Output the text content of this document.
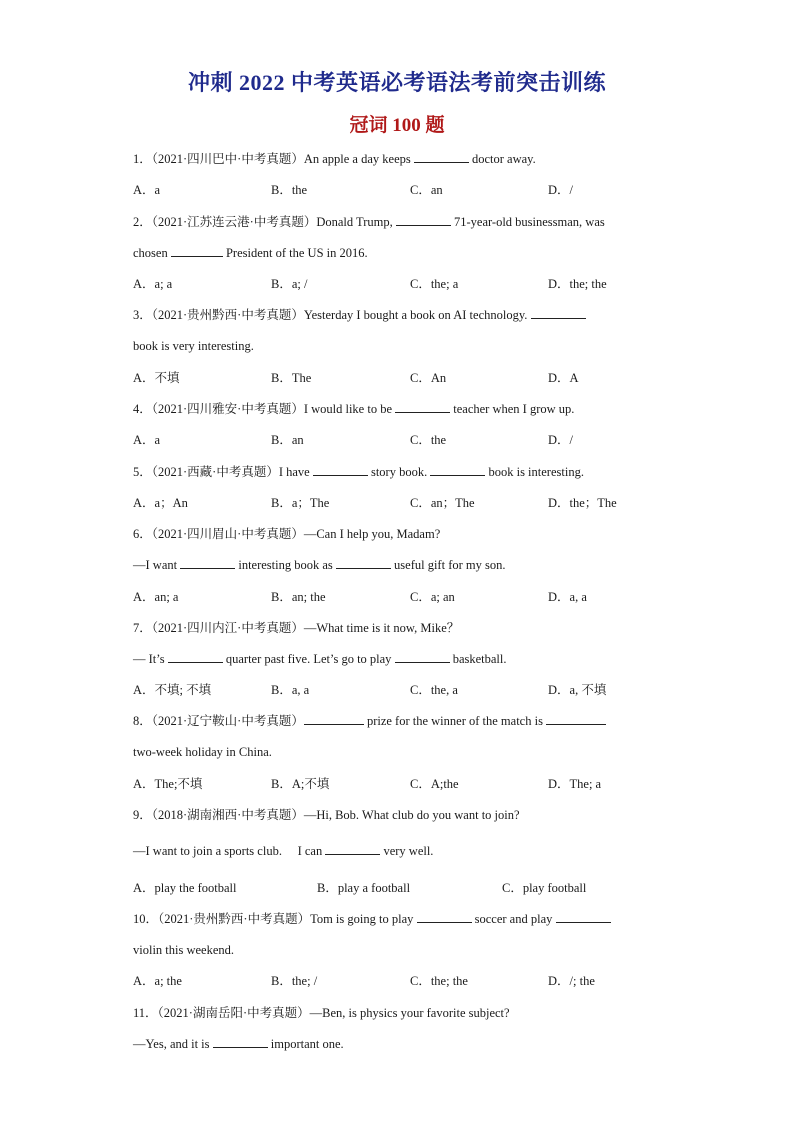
冲刺 2022 中考英语必考语法考前突击训练
冠词 100 题
1．（2021·四川巴中·中考真题）An apple a day keeps	doctor away.
A．a	B．the	C．an	D．/
2．（2021·江苏连云港·中考真题）Donald Trump,	71-year-old businessman, was
chosen	President of the US in 2016.
A．a; a	B．a; /	C．the; a	D．the; the
3．（2021·贵州黔西·中考真题）Yesterday I bought a book on AI technology.
book is very interesting.
A．不填	B．The	C．An	D．A
4．（2021·四川雅安·中考真题）I would like to be	teacher when I grow up.
A．a	B．an	C．the	D．/
5．（2021·西藏·中考真题）I have	story book.	book is interesting.
A．a；An	B．a；The	C．an；The	D．the；The
6．（2021·四川眉山·中考真题）—Can I help you, Madam?
—I want	interesting book as	useful gift for my son.
A．an; a	B．an; the	C．a; an	D．a, a
7．（2021·四川内江·中考真题）—What time is it now, Mike？
— It’s	quarter past five. Let’s go to play	basketball.
A．不填; 不填	B．a, a	C．the, a	D．a, 不填
8．（2021·辽宁鞍山·中考真题）	prize for the winner of the match is
two-week holiday in China.
A．The;不填	B．A;不填	C．A;the	D．The; a
9．（2018·湖南湘西·中考真题）—Hi, Bob. What club do you want to join?
—I want to join a sports club.　 I can	very well.
A．play the football	B．play a football	C．play football
10．（2021·贵州黔西·中考真题）Tom is going to play	soccer and play
violin this weekend.
A．a; the	B．the; /	C．the; the	D．/; the
11．（2021·湖南岳阳·中考真题）—Ben, is physics your favorite subject?
—Yes, and it is	important one.
